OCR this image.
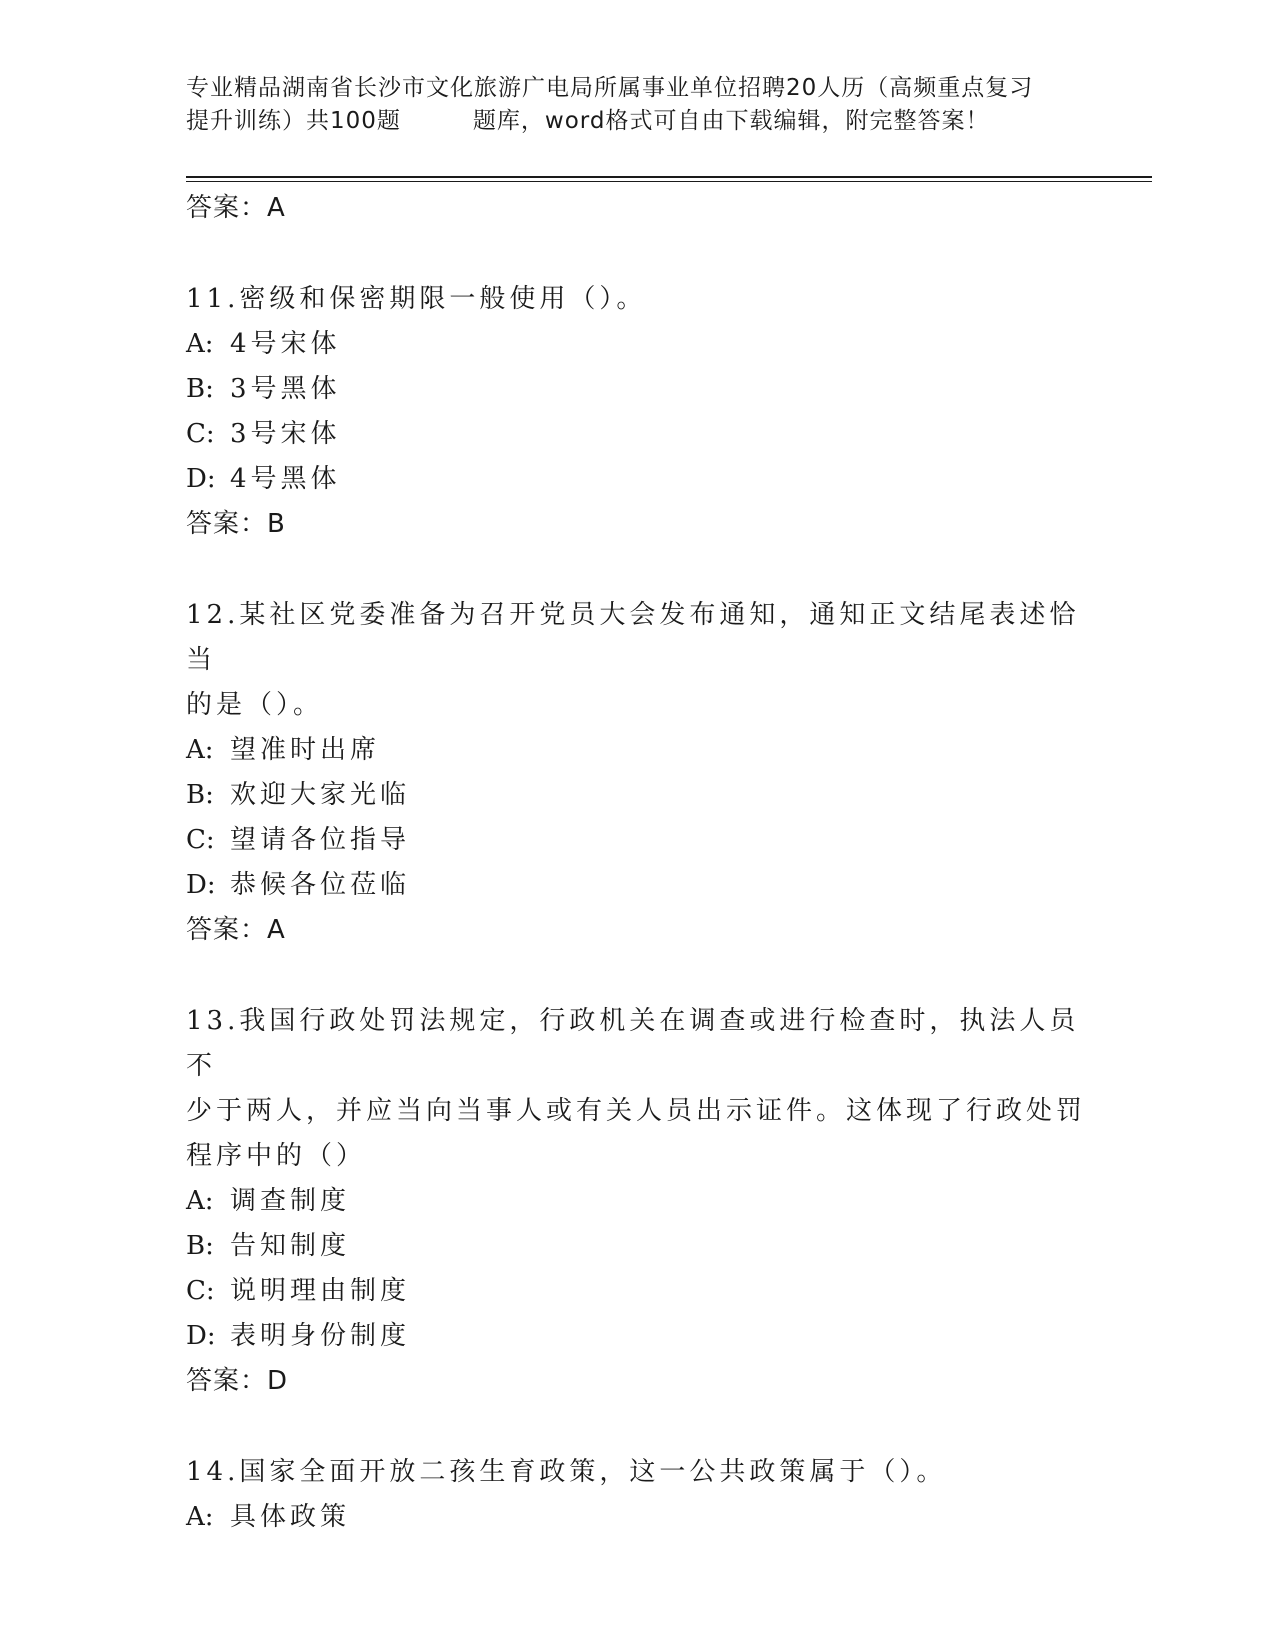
专业精品湖南省长沙市文化旅游广电局所属事业单位招聘20人历（高频重点复习
提升训练）共100题	题库，word格式可自由下载编辑，附完整答案！

答案：A

11.密级和保密期限一般使用（）。

A: 4号宋体

B: 3号黑体

C: 3号宋体

D: 4号黑体

答案：B

12.某社区党委准备为召开党员大会发布通知，通知正文结尾表述恰当

的是（）。

A: 望准时出席

B: 欢迎大家光临

C: 望请各位指导

D: 恭候各位莅临

答案：A

13.我国行政处罚法规定，行政机关在调查或进行检查时，执法人员不

少于两人，并应当向当事人或有关人员出示证件。这体现了行政处罚

程序中的（）

A: 调查制度

B: 告知制度

C: 说明理由制度

D: 表明身份制度

答案：D

14.国家全面开放二孩生育政策，这一公共政策属于（）。

A: 具体政策
